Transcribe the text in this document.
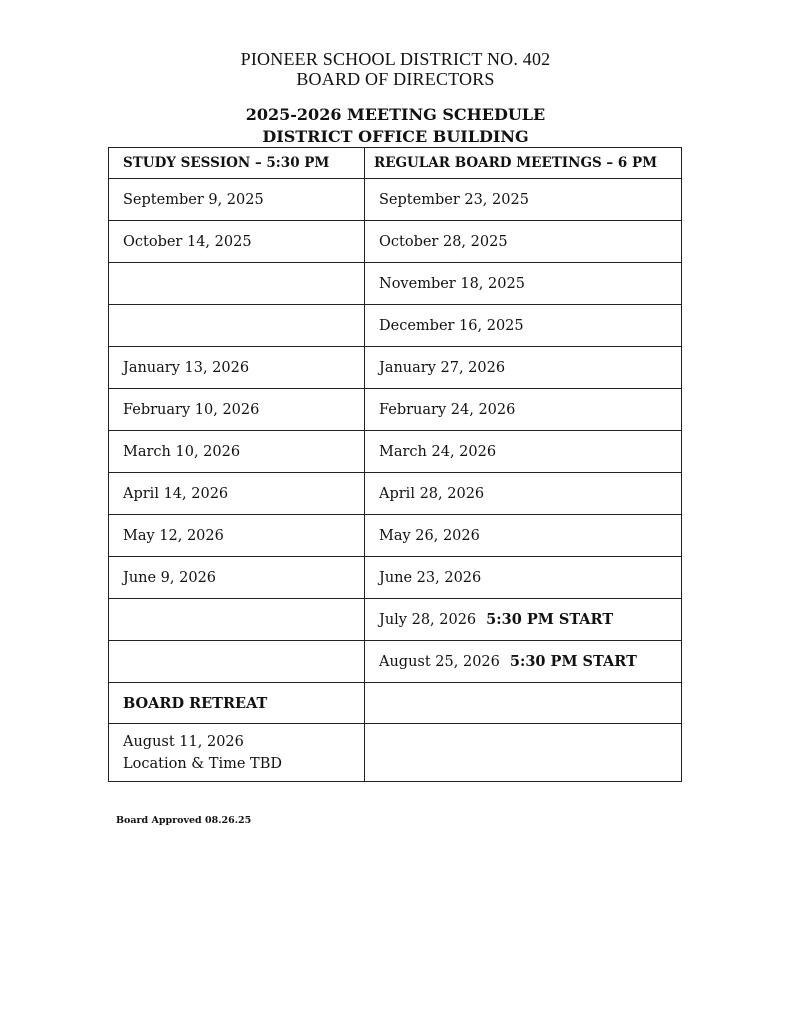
PIONEER SCHOOL DISTRICT NO. 402
BOARD OF DIRECTORS
2025-2026 MEETING SCHEDULE
DISTRICT OFFICE BUILDING
STUDY SESSION – 5:30 PM	REGULAR BOARD MEETINGS – 6 PM
September 9, 2025	September 23, 2025
October 14, 2025	October 28, 2025
	November 18, 2025
	December 16, 2025
January 13, 2026	January 27, 2026
February 10, 2026	February 24, 2026
March 10, 2026	March 24, 2026
April 14, 2026	April 28, 2026
May 12, 2026	May 26, 2026
June 9, 2026	June 23, 2026
	July 28, 2026 5:30 PM START
	August 25, 2026 5:30 PM START
BOARD RETREAT	
August 11, 2026
Location & Time TBD	

Board Approved 08.26.25
